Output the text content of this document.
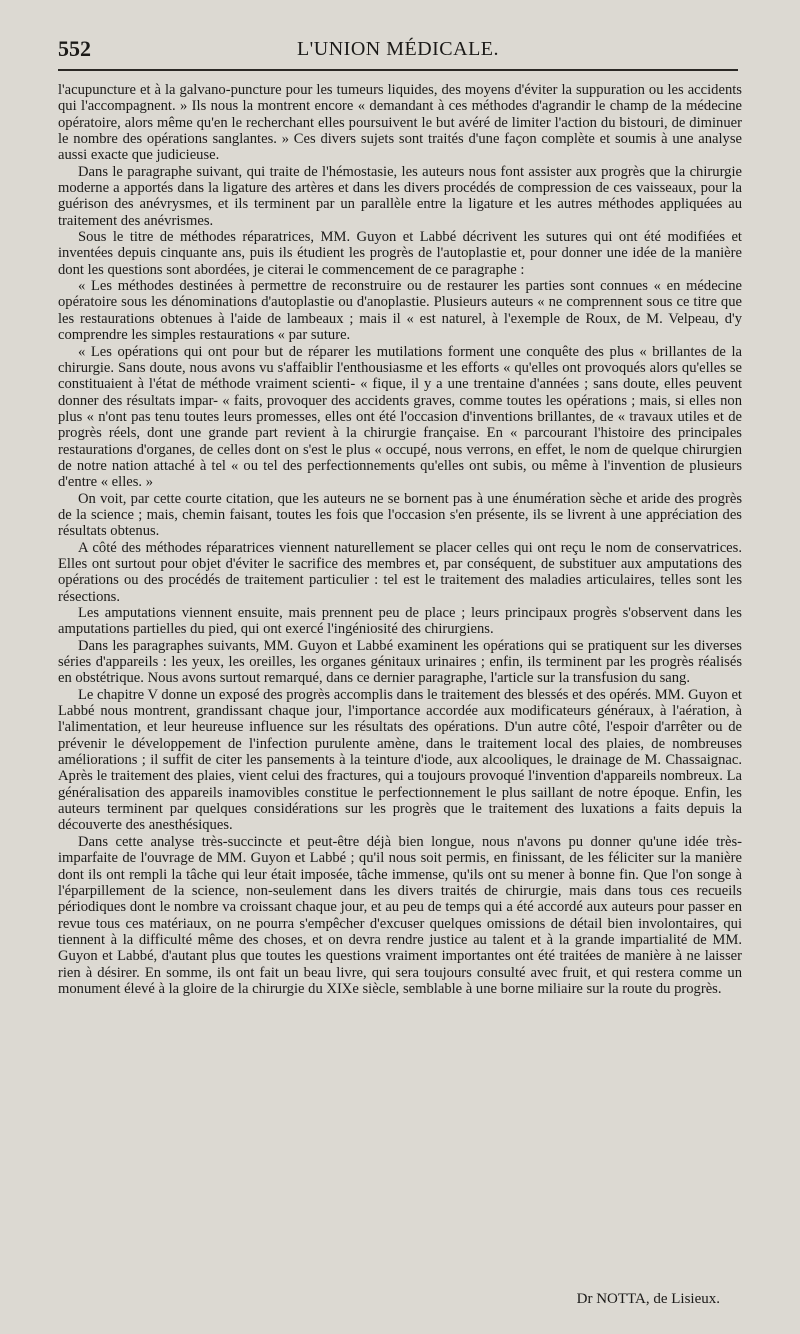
552	L'UNION MÉDICALE.

l'acupuncture et à la galvano-puncture pour les tumeurs liquides, des moyens d'éviter la suppuration ou les accidents qui l'accompagnent. » Ils nous la montrent encore « demandant à ces méthodes d'agrandir le champ de la médecine opératoire, alors même qu'en le recherchant elles poursuivent le but avéré de limiter l'action du bistouri, de diminuer le nombre des opérations sanglantes. » Ces divers sujets sont traités d'une façon complète et soumis à une analyse aussi exacte que judicieuse.

Dans le paragraphe suivant, qui traite de l'hémostasie, les auteurs nous font assister aux progrès que la chirurgie moderne a apportés dans la ligature des artères et dans les divers procédés de compression de ces vaisseaux, pour la guérison des anévrysmes, et ils terminent par un parallèle entre la ligature et les autres méthodes appliquées au traitement des anévrismes.

Sous le titre de méthodes réparatrices, MM. Guyon et Labbé décrivent les sutures qui ont été modifiées et inventées depuis cinquante ans, puis ils étudient les progrès de l'autoplastie et, pour donner une idée de la manière dont les questions sont abordées, je citerai le commencement de ce paragraphe :

« Les méthodes destinées à permettre de reconstruire ou de restaurer les parties sont connues « en médecine opératoire sous les dénominations d'autoplastie ou d'anoplastie. Plusieurs auteurs « ne comprennent sous ce titre que les restaurations obtenues à l'aide de lambeaux ; mais il « est naturel, à l'exemple de Roux, de M. Velpeau, d'y comprendre les simples restaurations « par suture.

« Les opérations qui ont pour but de réparer les mutilations forment une conquête des plus « brillantes de la chirurgie. Sans doute, nous avons vu s'affaiblir l'enthousiasme et les efforts « qu'elles ont provoqués alors qu'elles se constituaient à l'état de méthode vraiment scienti- « fique, il y a une trentaine d'années ; sans doute, elles peuvent donner des résultats impar- « faits, provoquer des accidents graves, comme toutes les opérations ; mais, si elles non plus « n'ont pas tenu toutes leurs promesses, elles ont été l'occasion d'inventions brillantes, de « travaux utiles et de progrès réels, dont une grande part revient à la chirurgie française. En « parcourant l'histoire des principales restaurations d'organes, de celles dont on s'est le plus « occupé, nous verrons, en effet, le nom de quelque chirurgien de notre nation attaché à tel « ou tel des perfectionnements qu'elles ont subis, ou même à l'invention de plusieurs d'entre « elles. »

On voit, par cette courte citation, que les auteurs ne se bornent pas à une énumération sèche et aride des progrès de la science ; mais, chemin faisant, toutes les fois que l'occasion s'en présente, ils se livrent à une appréciation des résultats obtenus.

A côté des méthodes réparatrices viennent naturellement se placer celles qui ont reçu le nom de conservatrices. Elles ont surtout pour objet d'éviter le sacrifice des membres et, par conséquent, de substituer aux amputations des opérations ou des procédés de traitement particulier : tel est le traitement des maladies articulaires, telles sont les résections.

Les amputations viennent ensuite, mais prennent peu de place ; leurs principaux progrès s'observent dans les amputations partielles du pied, qui ont exercé l'ingéniosité des chirurgiens.

Dans les paragraphes suivants, MM. Guyon et Labbé examinent les opérations qui se pratiquent sur les diverses séries d'appareils : les yeux, les oreilles, les organes génitaux urinaires ; enfin, ils terminent par les progrès réalisés en obstétrique. Nous avons surtout remarqué, dans ce dernier paragraphe, l'article sur la transfusion du sang.

Le chapitre V donne un exposé des progrès accomplis dans le traitement des blessés et des opérés. MM. Guyon et Labbé nous montrent, grandissant chaque jour, l'importance accordée aux modificateurs généraux, à l'aération, à l'alimentation, et leur heureuse influence sur les résultats des opérations. D'un autre côté, l'espoir d'arrêter ou de prévenir le développement de l'infection purulente amène, dans le traitement local des plaies, de nombreuses améliorations ; il suffit de citer les pansements à la teinture d'iode, aux alcooliques, le drainage de M. Chassaignac. Après le traitement des plaies, vient celui des fractures, qui a toujours provoqué l'invention d'appareils nombreux. La généralisation des appareils inamovibles constitue le perfectionnement le plus saillant de notre époque. Enfin, les auteurs terminent par quelques considérations sur les progrès que le traitement des luxations a faits depuis la découverte des anesthésiques.

Dans cette analyse très-succincte et peut-être déjà bien longue, nous n'avons pu donner qu'une idée très-imparfaite de l'ouvrage de MM. Guyon et Labbé ; qu'il nous soit permis, en finissant, de les féliciter sur la manière dont ils ont rempli la tâche qui leur était imposée, tâche immense, qu'ils ont su mener à bonne fin. Que l'on songe à l'éparpillement de la science, non-seulement dans les divers traités de chirurgie, mais dans tous ces recueils périodiques dont le nombre va croissant chaque jour, et au peu de temps qui a été accordé aux auteurs pour passer en revue tous ces matériaux, on ne pourra s'empêcher d'excuser quelques omissions de détail bien involontaires, qui tiennent à la difficulté même des choses, et on devra rendre justice au talent et à la grande impartialité de MM. Guyon et Labbé, d'autant plus que toutes les questions vraiment importantes ont été traitées de manière à ne laisser rien à désirer. En somme, ils ont fait un beau livre, qui sera toujours consulté avec fruit, et qui restera comme un monument élevé à la gloire de la chirurgie du XIXe siècle, semblable à une borne miliaire sur la route du progrès.

Dr NOTTA, de Lisieux.
